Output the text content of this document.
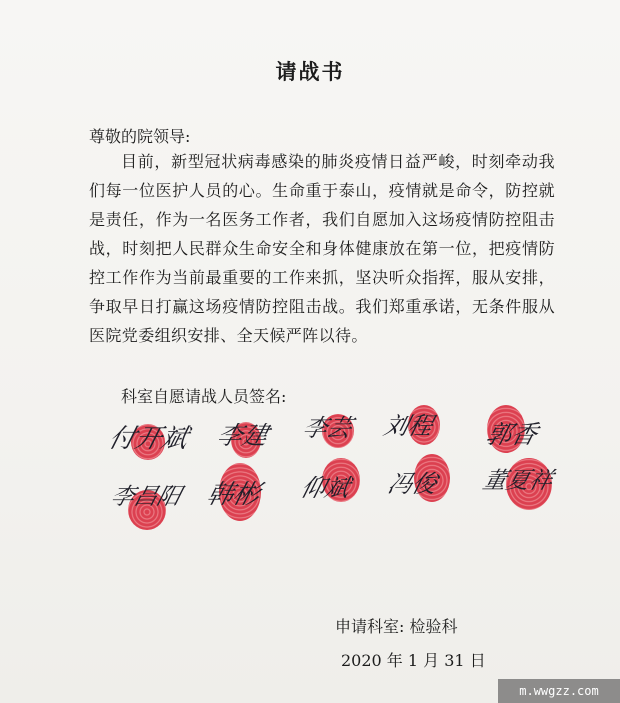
请战书
尊敬的院领导:
目前，新型冠状病毒感染的肺炎疫情日益严峻，时刻牵动我们每一位医护人员的心。生命重于泰山，疫情就是命令，防控就是责任，作为一名医务工作者，我们自愿加入这场疫情防控阻击战，时刻把人民群众生命安全和身体健康放在第一位，把疫情防控工作作为当前最重要的工作来抓，坚决听众指挥，服从安排，争取早日打赢这场疫情防控阻击战。我们郑重承诺，无条件服从医院党委组织安排、全天候严阵以待。
科室自愿请战人员签名:
付开斌 李建 李芸 刘程 郭香
李昌阳 韩彬 仰斌 冯俊 董夏祥
申请科室: 检验科
2020 年 1 月 31 日
m.wwgzz.com
